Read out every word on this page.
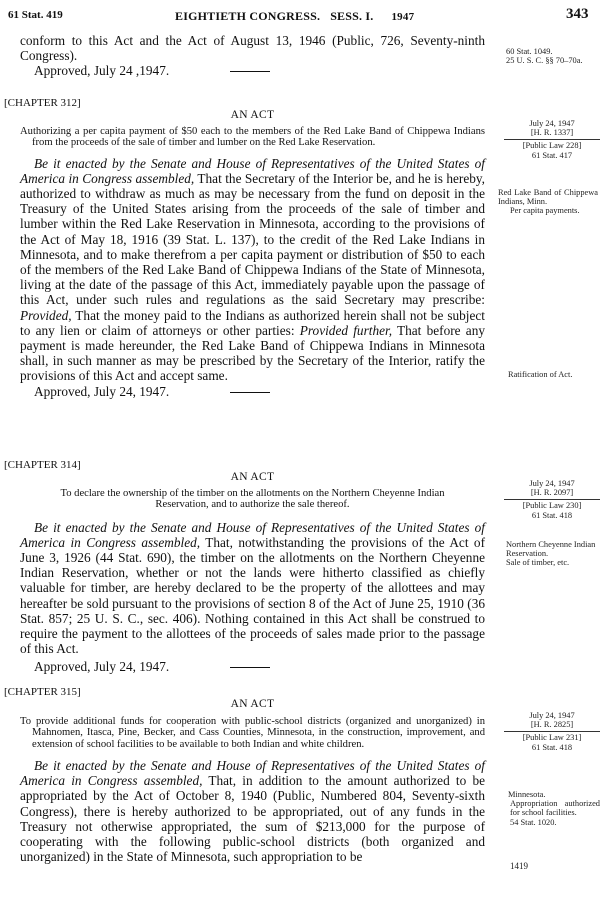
61 Stat. 419	EIGHTIETH CONGRESS. SESS. I. 1947	343

conform to this Act and the Act of August 13, 1946 (Public, 726, Seventy-ninth Congress).

Approved, July 24 ,1947.
60 Stat. 1049.
25 U. S. C. §§ 70–70a.
[CHAPTER 312]

AN ACT

Authorizing a per capita payment of $50 each to the members of the Red Lake Band of Chippewa Indians from the proceeds of the sale of timber and lumber on the Red Lake Reservation.

Be it enacted by the Senate and House of Representatives of the United States of America in Congress assembled, That the Secretary of the Interior be, and he is hereby, authorized to withdraw as much as may be necessary from the fund on deposit in the Treasury of the United States arising from the proceeds of the sale of timber and lumber within the Red Lake Reservation in Minnesota, according to the provisions of the Act of May 18, 1916 (39 Stat. L. 137), to the credit of the Red Lake Indians in Minnesota, and to make therefrom a per capita payment or distribution of $50 to each of the members of the Red Lake Band of Chippewa Indians of the State of Minnesota, living at the date of the passage of this Act, immediately payable upon the passage of this Act, under such rules and regulations as the said Secretary may prescribe: Provided, That the money paid to the Indians as authorized herein shall not be subject to any lien or claim of attorneys or other parties: Provided further, That before any payment is made hereunder, the Red Lake Band of Chippewa Indians in Minnesota shall, in such manner as may be prescribed by the Secretary of the Interior, ratify the provisions of this Act and accept same.

Approved, July 24, 1947.
July 24, 1947
[H. R. 1337]
[Public Law 228]
61 Stat. 417
Red Lake Band of Chippewa Indians, Minn.
Per capita payments.
Ratification of Act.
[CHAPTER 314]

AN ACT

To declare the ownership of the timber on the allotments on the Northern Cheyenne Indian Reservation, and to authorize the sale thereof.

Be it enacted by the Senate and House of Representatives of the United States of America in Congress assembled, That, notwithstanding the provisions of the Act of June 3, 1926 (44 Stat. 690), the timber on the allotments on the Northern Cheyenne Indian Reservation, whether or not the lands were hitherto classified as chiefly valuable for timber, are hereby declared to be the property of the allottees and may hereafter be sold pursuant to the provisions of section 8 of the Act of June 25, 1910 (36 Stat. 857; 25 U. S. C., sec. 406). Nothing contained in this Act shall be construed to require the payment to the allottees of the proceeds of sales made prior to the passage of this Act.

Approved, July 24, 1947.
July 24, 1947
[H. R. 2097]
[Public Law 230]
61 Stat. 418
Northern Cheyenne Indian Reservation.
Sale of timber, etc.
[CHAPTER 315]

AN ACT

To provide additional funds for cooperation with public-school districts (organized and unorganized) in Mahnomen, Itasca, Pine, Becker, and Cass Counties, Minnesota, in the construction, improvement, and extension of school facilities to be available to both Indian and white children.

Be it enacted by the Senate and House of Representatives of the United States of America in Congress assembled, That, in addition to the amount authorized to be appropriated by the Act of October 8, 1940 (Public, Numbered 804, Seventy-sixth Congress), there is hereby authorized to be appropriated, out of any funds in the Treasury not otherwise appropriated, the sum of $213,000 for the purpose of cooperating with the following public-school districts (both organized and unorganized) in the State of Minnesota, such appropriation to be

July 24, 1947
[H. R. 2825]
[Public Law 231]
61 Stat. 418
Minnesota.
Appropriation authorized for school facilities.
54 Stat. 1020.
1419
